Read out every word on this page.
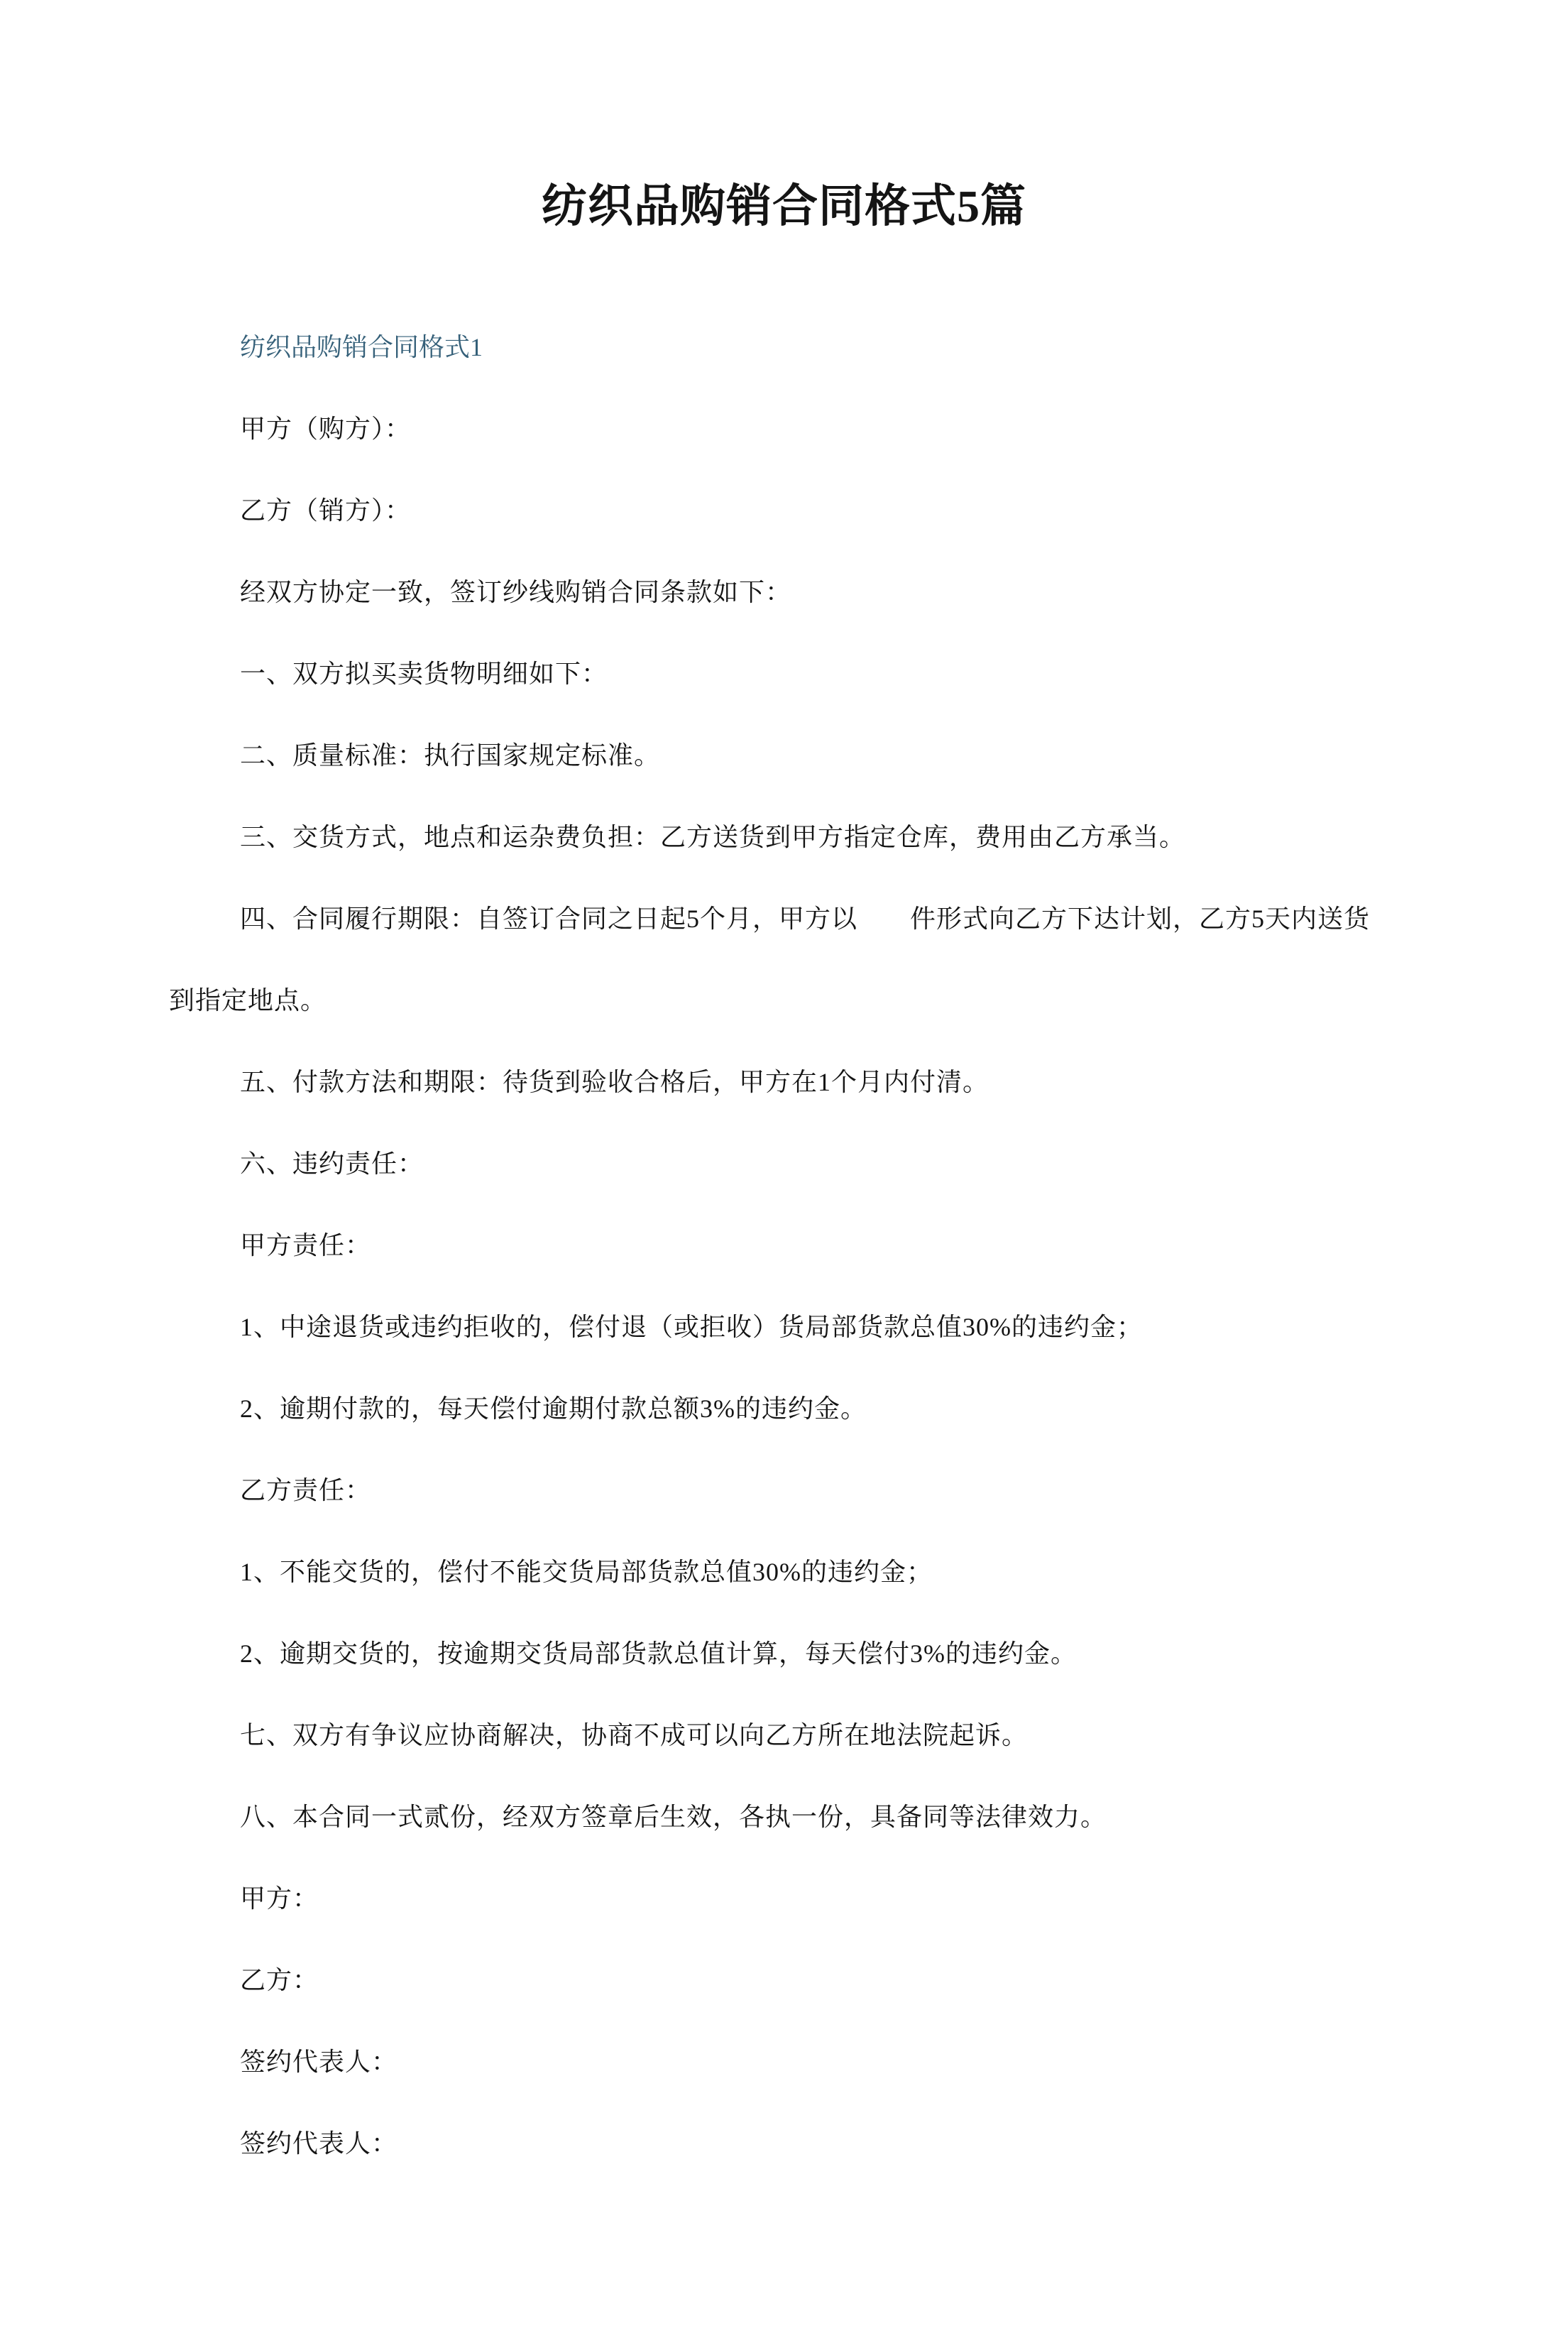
纺织品购销合同格式5篇

纺织品购销合同格式1

甲方（购方）：

乙方（销方）：

经双方协定一致，签订纱线购销合同条款如下：

一、双方拟买卖货物明细如下：

二、质量标准：执行国家规定标准。

三、交货方式，地点和运杂费负担：乙方送货到甲方指定仓库，费用由乙方承当。

四、合同履行期限：自签订合同之日起5个月，甲方以　　件形式向乙方下达计划，乙方5天内送货

到指定地点。

五、付款方法和期限：待货到验收合格后，甲方在1个月内付清。

六、违约责任：

甲方责任：

1、中途退货或违约拒收的，偿付退（或拒收）货局部货款总值30%的违约金；

2、逾期付款的，每天偿付逾期付款总额3%的违约金。

乙方责任：

1、不能交货的，偿付不能交货局部货款总值30%的违约金；

2、逾期交货的，按逾期交货局部货款总值计算，每天偿付3%的违约金。

七、双方有争议应协商解决，协商不成可以向乙方所在地法院起诉。

八、本合同一式贰份，经双方签章后生效，各执一份，具备同等法律效力。

甲方：

乙方：

签约代表人：

签约代表人：
